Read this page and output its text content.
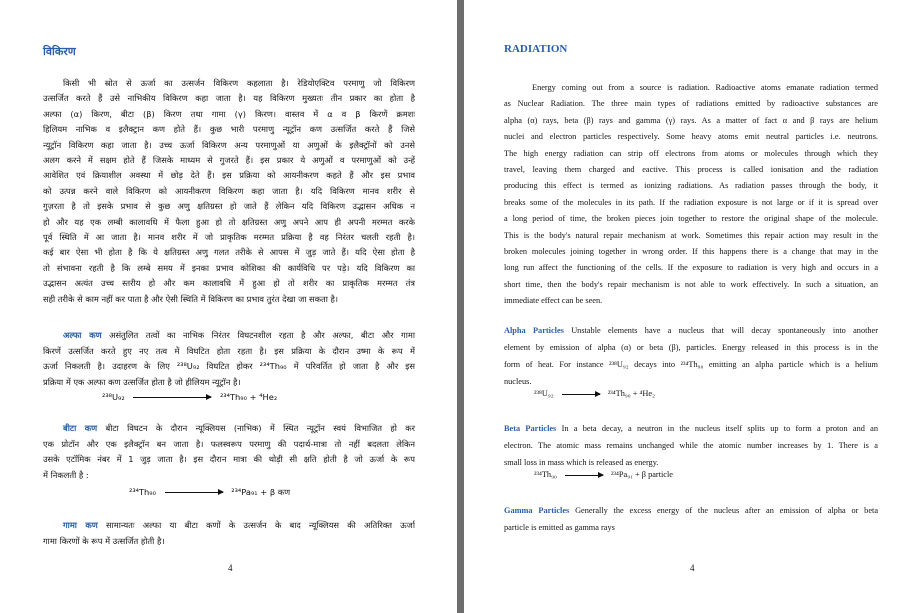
विकिरण
किसी भी स्रोत से ऊर्जा का उत्सर्जन विकिरण कहलाता है। रेडियोएक्टिव परमाणु जो विकिरण
उत्सर्जित करते हैं उसे नाभिकीय विकिरण कहा जाता है। यह विकिरण मुख्यतः तीन प्रकार का होता है
अल्फा (α) किरण, बीटा (β) किरण तथा गामा (γ) किरण। वास्तव में α व β किरणें क्रमशः
हिलियम नाभिक व इलैक्ट्रान कण होते हैं। कुछ भारी परमाणु न्यूट्रॉन कण उत्सर्जित करते हैं जिसे
न्यूट्रॉन विकिरण कहा जाता है। उच्च ऊर्जा विकिरण अन्य परमाणुओं या अणुओं के इलैक्ट्रॉनों को उनसे
अलग करने में सक्षम होते हैं जिसके माध्यम से गुजरते हैं। इस प्रकार ये अणुओं व परमाणुओं को उन्हें
आवेशित एवं क्रियाशील अवस्था में छोड़ देते हैं। इस प्रक्रिया को आयनीकरण कहते हैं और इस प्रभाव
को उत्पन्न करने वाले विकिरण को आयनीकरण विकिरण कहा जाता है। यदि विकिरण मानव शरीर से
गुज़रता है तो इसके प्रभाव से कुछ अणु क्षतिग्रस्त हो जाते हैं लेकिन यदि विकिरण उद्भासन अधिक न
हो और यह एक लम्बी कालावधि में फैला हुआ हो तो क्षतिग्रस्त अणु अपने आप ही अपनी मरम्मत करके
पूर्व स्थिति में आ जाता है। मानव शरीर में जो प्राकृतिक मरम्मत प्रक्रिया है वह निरंतर चलती रहती है।
कई बार ऐसा भी होता है कि ये क्षतिग्रस्त अणु गलत तरीके से आपस में जुड़ जाते हैं। यदि ऐसा होता है
तो संभावना रहती है कि लम्बे समय में इनका प्रभाव कोशिका की कार्यविधि पर पड़े। यदि विकिरण का
उद्भासन अत्यंत उच्च स्तरीय हो और कम कालावधि में हुआ हो तो शरीर का प्राकृतिक मरम्मत तंत्र
सही तरीके से काम नहीं कर पाता है और ऐसी स्थिति में विकिरण का प्रभाव तुरंत देखा जा सकता है।
अल्फा कण असंतुलित तत्वों का नाभिक निरंतर विघटनशील रहता है और अल्फा, बीटा और गामा
किरणें उत्सर्जित करते हुए नए तत्व में विघटित होता रहता है। इस प्रक्रिया के दौरान उष्मा के रूप में
ऊर्जा निकलती है। उदाहरण के लिए ²³⁸U₉₂ विघटित होकर ²³⁴Th₉₀ में परिवर्तित हो जाता है और इस
प्रक्रिया में एक अल्फा कण उत्सर्जित होता है जो हीलियम न्यूट्रॉन है।
²³⁸U₉₂	²³⁴Th₉₀ + ⁴He₂
बीटा कण बीटा विघटन के दौरान न्यूक्लियस (नाभिक) में स्थित न्यूट्रॉन स्वयं विभाजित हो कर
एक प्रोटॉन और एक इलैक्ट्रॉन बन जाता है। फलस्वरूप परमाणु की पदार्थ-मात्रा तो नहीं बदलता लेकिन
उसके एटॉमिक नंबर में 1 जुड़ जाता है। इस दौरान मात्रा की थोड़ी सी क्षति होती है जो ऊर्जा के रूप
में निकलती है :
²³⁴Th₉₀	²³⁴Pa₉₁ + β कण
गामा कण सामान्यतः अल्फा या बीटा कणों के उत्सर्जन के बाद न्यूक्लियस की अतिरिक्त ऊर्जा
गामा किरणों के रूप में उत्सर्जित होती है।
4
RADIATION
Energy coming out from a source is radiation. Radioactive atoms emanate radiation termed
as Nuclear Radiation. The three main types of radiations emitted by radioactive substances are
alpha (α) rays, beta (β) rays and gamma (γ) rays. As a matter of fact α and β rays are helium
nuclei and electron particles respectively. Some heavy atoms emit neutral particles i.e. neutrons.
The high energy radiation can strip off electrons from atoms or molecules through which they
travel, leaving them charged and eactive. This process is called ionisation and the radiation
producing this effect is termed as ionizing radiations. As radiation passes through the body, it
breaks some of the molecules in its path. If the radiation exposure is not large or if it is spread over
a long period of time, the broken pieces join together to restore the original shape of the molecule.
This is the body's natural repair mechanism at work. Sometimes this repair action may result in the
broken molecules joining together in wrong order. If this happens there is a change that may in the
long run affect the functioning of the cells. If the exposure to radiation is very high and occurs in a
short time, then the body's repair mechanism is not able to work effectively. In such a situation, an
immediate effect can be seen.
Alpha Particles Unstable elements have a nucleus that will decay spontaneously into another
element by emission of alpha (α) or beta (β), particles. Energy released in this process is in the
form of heat. For instance ²³⁸U₉₂ decays into ²³⁴Th₉₀ emitting an alpha particle which is a helium
nucleus.
²³⁸U₉₂	²³⁴Th₉₀ + ⁴He₂
Beta Particles In a beta decay, a neutron in the nucleus itself splits up to form a proton and an
electron. The atomic mass remains unchanged while the atomic number increases by 1. There is a
small loss in mass which is released as energy.
²³⁴Th₉₀	²³⁴Pa₉₁ + β particle
Gamma Particles Generally the excess energy of the nucleus after an emission of alpha or beta
particle is emitted as gamma rays
4
